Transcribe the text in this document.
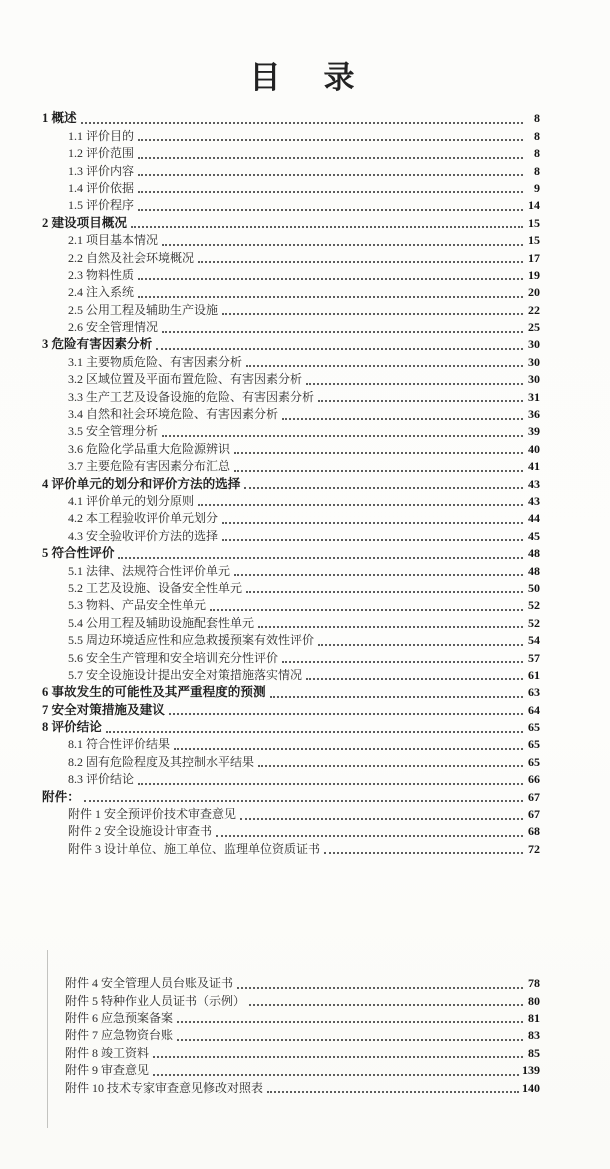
目　录
1 概述	8
1.1 评价目的	8
1.2 评价范围	8
1.3 评价内容	8
1.4 评价依据	9
1.5 评价程序	14
2 建设项目概况	15
2.1 项目基本情况	15
2.2 自然及社会环境概况	17
2.3 物料性质	19
2.4 注入系统	20
2.5 公用工程及辅助生产设施	22
2.6 安全管理情况	25
3 危险有害因素分析	30
3.1 主要物质危险、有害因素分析	30
3.2 区域位置及平面布置危险、有害因素分析	30
3.3 生产工艺及设备设施的危险、有害因素分析	31
3.4 自然和社会环境危险、有害因素分析	36
3.5 安全管理分析	39
3.6 危险化学品重大危险源辨识	40
3.7 主要危险有害因素分布汇总	41
4 评价单元的划分和评价方法的选择	43
4.1 评价单元的划分原则	43
4.2 本工程验收评价单元划分	44
4.3 安全验收评价方法的选择	45
5 符合性评价	48
5.1 法律、法规符合性评价单元	48
5.2 工艺及设施、设备安全性单元	50
5.3 物料、产品安全性单元	52
5.4 公用工程及辅助设施配套性单元	52
5.5 周边环境适应性和应急救援预案有效性评价	54
5.6 安全生产管理和安全培训充分性评价	57
5.7 安全设施设计提出安全对策措施落实情况	61
6 事故发生的可能性及其严重程度的预测	63
7 安全对策措施及建议	64
8 评价结论	65
8.1 符合性评价结果	65
8.2 固有危险程度及其控制水平结果	65
8.3 评价结论	66
附件：	67
附件 1 安全预评价技术审查意见	67
附件 2 安全设施设计审查书	68
附件 3 设计单位、施工单位、监理单位资质证书	72
附件 4 安全管理人员台账及证书	78
附件 5 特种作业人员证书（示例）	80
附件 6 应急预案备案	81
附件 7 应急物资台账	83
附件 8 竣工资料	85
附件 9 审查意见	139
附件 10 技术专家审查意见修改对照表	140
